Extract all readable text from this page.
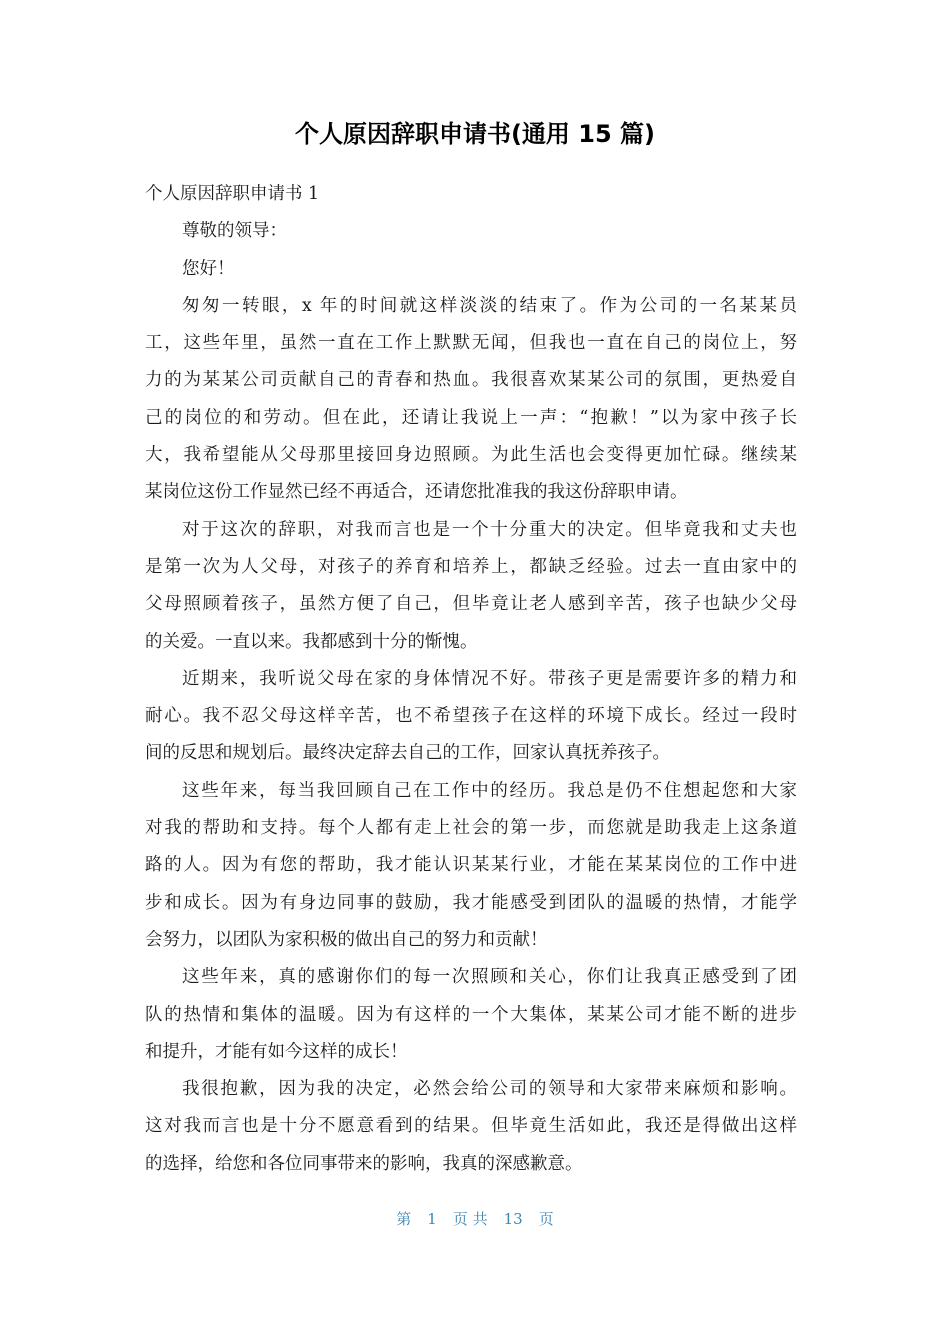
个人原因辞职申请书(通用 15 篇)
个人原因辞职申请书 1
尊敬的领导：
您好！
匆匆一转眼，x 年的时间就这样淡淡的结束了。作为公司的一名某某员
工，这些年里，虽然一直在工作上默默无闻，但我也一直在自己的岗位上，努
力的为某某公司贡献自己的青春和热血。我很喜欢某某公司的氛围，更热爱自
己的岗位的和劳动。但在此，还请让我说上一声：“抱歉！”以为家中孩子长
大，我希望能从父母那里接回身边照顾。为此生活也会变得更加忙碌。继续某
某岗位这份工作显然已经不再适合，还请您批准我的我这份辞职申请。
对于这次的辞职，对我而言也是一个十分重大的决定。但毕竟我和丈夫也
是第一次为人父母，对孩子的养育和培养上，都缺乏经验。过去一直由家中的
父母照顾着孩子，虽然方便了自己，但毕竟让老人感到辛苦，孩子也缺少父母
的关爱。一直以来。我都感到十分的惭愧。
近期来，我听说父母在家的身体情况不好。带孩子更是需要许多的精力和
耐心。我不忍父母这样辛苦，也不希望孩子在这样的环境下成长。经过一段时
间的反思和规划后。最终决定辞去自己的工作，回家认真抚养孩子。
这些年来，每当我回顾自己在工作中的经历。我总是仍不住想起您和大家
对我的帮助和支持。每个人都有走上社会的第一步，而您就是助我走上这条道
路的人。因为有您的帮助，我才能认识某某行业，才能在某某岗位的工作中进
步和成长。因为有身边同事的鼓励，我才能感受到团队的温暖的热情，才能学
会努力，以团队为家积极的做出自己的努力和贡献！
这些年来，真的感谢你们的每一次照顾和关心，你们让我真正感受到了团
队的热情和集体的温暖。因为有这样的一个大集体，某某公司才能不断的进步
和提升，才能有如今这样的成长！
我很抱歉，因为我的决定，必然会给公司的领导和大家带来麻烦和影响。
这对我而言也是十分不愿意看到的结果。但毕竟生活如此，我还是得做出这样
的选择，给您和各位同事带来的影响，我真的深感歉意。
第 1 页 共 13 页
